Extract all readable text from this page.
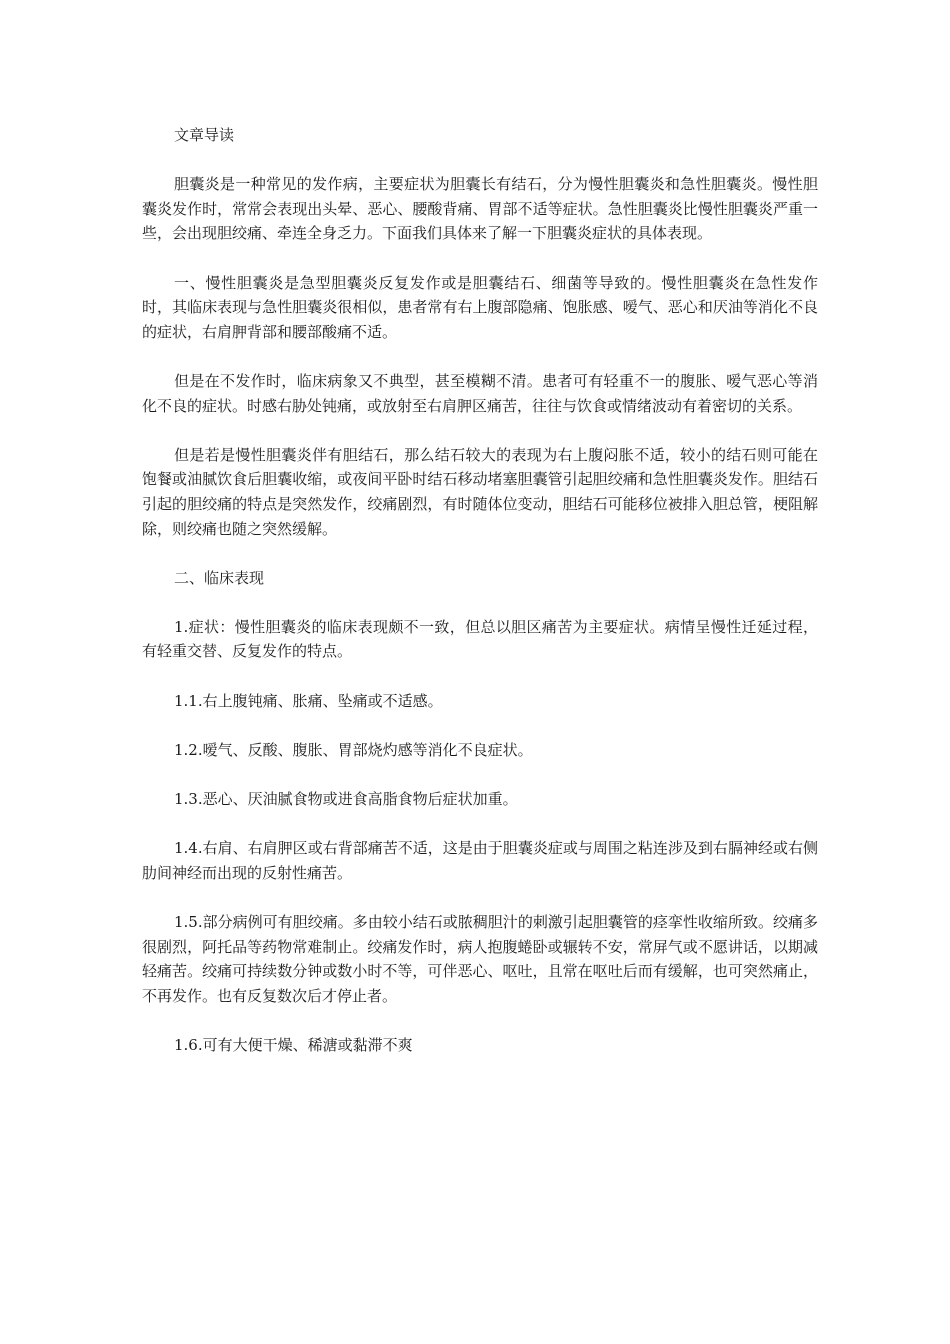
文章导读

胆囊炎是一种常见的发作病，主要症状为胆囊长有结石，分为慢性胆囊炎和急性胆囊炎。慢性胆囊炎发作时，常常会表现出头晕、恶心、腰酸背痛、胃部不适等症状。急性胆囊炎比慢性胆囊炎严重一些，会出现胆绞痛、牵连全身乏力。下面我们具体来了解一下胆囊炎症状的具体表现。

一、慢性胆囊炎是急型胆囊炎反复发作或是胆囊结石、细菌等导致的。慢性胆囊炎在急性发作时，其临床表现与急性胆囊炎很相似，患者常有右上腹部隐痛、饱胀感、嗳气、恶心和厌油等消化不良的症状，右肩胛背部和腰部酸痛不适。

但是在不发作时，临床病象又不典型，甚至模糊不清。患者可有轻重不一的腹胀、嗳气恶心等消化不良的症状。时感右胁处钝痛，或放射至右肩胛区痛苦，往往与饮食或情绪波动有着密切的关系。

但是若是慢性胆囊炎伴有胆结石，那么结石较大的表现为右上腹闷胀不适，较小的结石则可能在饱餐或油腻饮食后胆囊收缩，或夜间平卧时结石移动堵塞胆囊管引起胆绞痛和急性胆囊炎发作。胆结石引起的胆绞痛的特点是突然发作，绞痛剧烈，有时随体位变动，胆结石可能移位被排入胆总管，梗阻解除，则绞痛也随之突然缓解。

二、临床表现

1.症状：慢性胆囊炎的临床表现颇不一致，但总以胆区痛苦为主要症状。病情呈慢性迁延过程，有轻重交替、反复发作的特点。

1.1.右上腹钝痛、胀痛、坠痛或不适感。

1.2.嗳气、反酸、腹胀、胃部烧灼感等消化不良症状。

1.3.恶心、厌油腻食物或进食高脂食物后症状加重。

1.4.右肩、右肩胛区或右背部痛苦不适，这是由于胆囊炎症或与周围之粘连涉及到右膈神经或右侧肋间神经而出现的反射性痛苦。

1.5.部分病例可有胆绞痛。多由较小结石或脓稠胆汁的刺激引起胆囊管的痉挛性收缩所致。绞痛多很剧烈，阿托品等药物常难制止。绞痛发作时，病人抱腹蜷卧或辗转不安，常屏气或不愿讲话，以期减轻痛苦。绞痛可持续数分钟或数小时不等，可伴恶心、呕吐，且常在呕吐后而有缓解，也可突然痛止，不再发作。也有反复数次后才停止者。

1.6.可有大便干燥、稀溏或黏滞不爽
